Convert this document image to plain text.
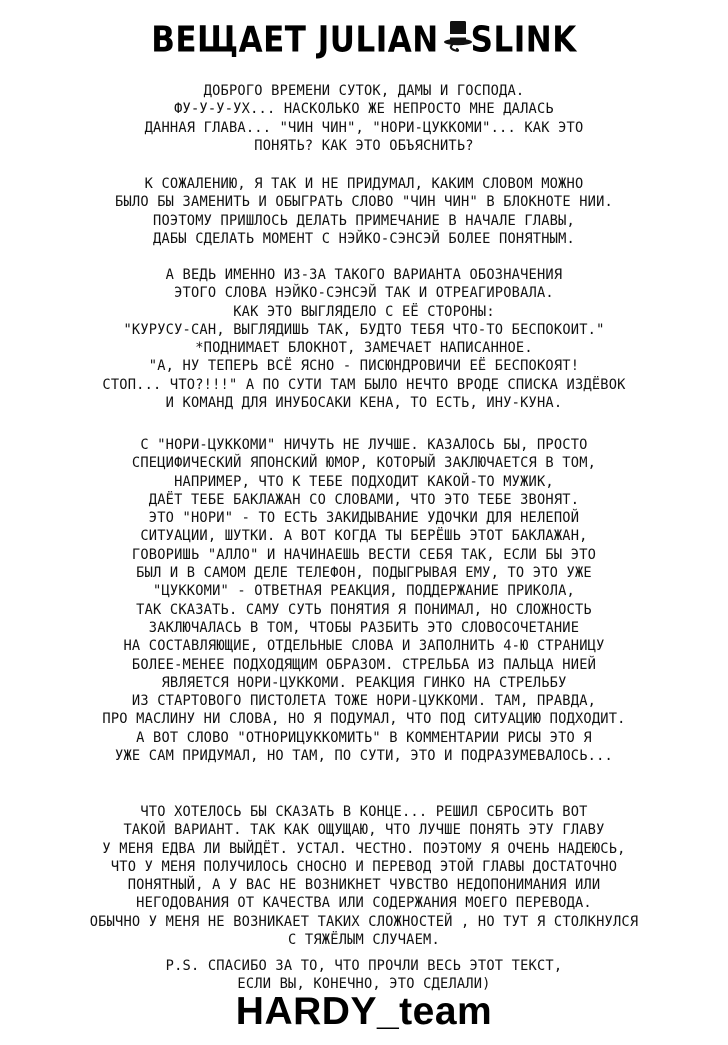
ВЕЩАЕТ JULIANSLINK
ДОБРОГО ВРЕМЕНИ СУТОК, ДАМЫ И ГОСПОДА.
ФУ-У-У-УХ... НАСКОЛЬКО ЖЕ НЕПРОСТО МНЕ ДАЛАСЬ
ДАННАЯ ГЛАВА... "ЧИН ЧИН", "НОРИ-ЦУККОМИ"... КАК ЭТО
ПОНЯТЬ? КАК ЭТО ОБЪЯСНИТЬ?
К СОЖАЛЕНИЮ, Я ТАК И НЕ ПРИДУМАЛ, КАКИМ СЛОВОМ МОЖНО
БЫЛО БЫ ЗАМЕНИТЬ И ОБЫГРАТЬ СЛОВО "ЧИН ЧИН" В БЛОКНОТЕ НИИ.
ПОЭТОМУ ПРИШЛОСЬ ДЕЛАТЬ ПРИМЕЧАНИЕ В НАЧАЛЕ ГЛАВЫ,
ДАБЫ СДЕЛАТЬ МОМЕНТ С НЭЙКО-СЭНСЭЙ БОЛЕЕ ПОНЯТНЫМ.
А ВЕДЬ ИМЕННО ИЗ-ЗА ТАКОГО ВАРИАНТА ОБОЗНАЧЕНИЯ
ЭТОГО СЛОВА НЭЙКО-СЭНСЭЙ ТАК И ОТРЕАГИРОВАЛА.
КАК ЭТО ВЫГЛЯДЕЛО С ЕЁ СТОРОНЫ:
"КУРУСУ-САН, ВЫГЛЯДИШЬ ТАК, БУДТО ТЕБЯ ЧТО-ТО БЕСПОКОИТ."
*ПОДНИМАЕТ БЛОКНОТ, ЗАМЕЧАЕТ НАПИСАННОЕ.
"А, НУ ТЕПЕРЬ ВСЁ ЯСНО - ПИСЮНДРОВИЧИ ЕЁ БЕСПОКОЯТ!
СТОП... ЧТО?!!!" А ПО СУТИ ТАМ БЫЛО НЕЧТО ВРОДЕ СПИСКА ИЗДЁВОК
И КОМАНД ДЛЯ ИНУБОСАКИ КЕНА, ТО ЕСТЬ, ИНУ-КУНА.
С "НОРИ-ЦУККОМИ" НИЧУТЬ НЕ ЛУЧШЕ. КАЗАЛОСЬ БЫ, ПРОСТО
СПЕЦИФИЧЕСКИЙ ЯПОНСКИЙ ЮМОР, КОТОРЫЙ ЗАКЛЮЧАЕТСЯ В ТОМ,
НАПРИМЕР, ЧТО К ТЕБЕ ПОДХОДИТ КАКОЙ-ТО МУЖИК,
ДАЁТ ТЕБЕ БАКЛАЖАН СО СЛОВАМИ, ЧТО ЭТО ТЕБЕ ЗВОНЯТ.
ЭТО "НОРИ" - ТО ЕСТЬ ЗАКИДЫВАНИЕ УДОЧКИ ДЛЯ НЕЛЕПОЙ
СИТУАЦИИ, ШУТКИ. А ВОТ КОГДА ТЫ БЕРЁШЬ ЭТОТ БАКЛАЖАН,
ГОВОРИШЬ "АЛЛО" И НАЧИНАЕШЬ ВЕСТИ СЕБЯ ТАК, ЕСЛИ БЫ ЭТО
БЫЛ И В САМОМ ДЕЛЕ ТЕЛЕФОН, ПОДЫГРЫВАЯ ЕМУ, ТО ЭТО УЖЕ
"ЦУККОМИ" - ОТВЕТНАЯ РЕАКЦИЯ, ПОДДЕРЖАНИЕ ПРИКОЛА,
ТАК СКАЗАТЬ. САМУ СУТЬ ПОНЯТИЯ Я ПОНИМАЛ, НО СЛОЖНОСТЬ
ЗАКЛЮЧАЛАСЬ В ТОМ, ЧТОБЫ РАЗБИТЬ ЭТО СЛОВОСОЧЕТАНИЕ
НА СОСТАВЛЯЮЩИЕ, ОТДЕЛЬНЫЕ СЛОВА И ЗАПОЛНИТЬ 4-Ю СТРАНИЦУ
БОЛЕЕ-МЕНЕЕ ПОДХОДЯЩИМ ОБРАЗОМ. СТРЕЛЬБА ИЗ ПАЛЬЦА НИЕЙ
ЯВЛЯЕТСЯ НОРИ-ЦУККОМИ. РЕАКЦИЯ ГИНКО НА СТРЕЛЬБУ
ИЗ СТАРТОВОГО ПИСТОЛЕТА ТОЖЕ НОРИ-ЦУККОМИ. ТАМ, ПРАВДА,
ПРО МАСЛИНУ НИ СЛОВА, НО Я ПОДУМАЛ, ЧТО ПОД СИТУАЦИЮ ПОДХОДИТ.
А ВОТ СЛОВО "ОТНОРИЦУККОМИТЬ" В КОММЕНТАРИИ РИСЫ ЭТО Я
УЖЕ САМ ПРИДУМАЛ, НО ТАМ, ПО СУТИ, ЭТО И ПОДРАЗУМЕВАЛОСЬ...
ЧТО ХОТЕЛОСЬ БЫ СКАЗАТЬ В КОНЦЕ... РЕШИЛ СБРОСИТЬ ВОТ
ТАКОЙ ВАРИАНТ. ТАК КАК ОЩУЩАЮ, ЧТО ЛУЧШЕ ПОНЯТЬ ЭТУ ГЛАВУ
У МЕНЯ ЕДВА ЛИ ВЫЙДЁТ. УСТАЛ. ЧЕСТНО. ПОЭТОМУ Я ОЧЕНЬ НАДЕЮСЬ,
ЧТО У МЕНЯ ПОЛУЧИЛОСЬ СНОСНО И ПЕРЕВОД ЭТОЙ ГЛАВЫ ДОСТАТОЧНО
ПОНЯТНЫЙ, А У ВАС НЕ ВОЗНИКНЕТ ЧУВСТВО НЕДОПОНИМАНИЯ ИЛИ
НЕГОДОВАНИЯ ОТ КАЧЕСТВА ИЛИ СОДЕРЖАНИЯ МОЕГО ПЕРЕВОДА.
ОБЫЧНО У МЕНЯ НЕ ВОЗНИКАЕТ ТАКИХ СЛОЖНОСТЕЙ , НО ТУТ Я СТОЛКНУЛСЯ
С ТЯЖЁЛЫМ СЛУЧАЕМ.
P.S. СПАСИБО ЗА ТО, ЧТО ПРОЧЛИ ВЕСЬ ЭТОТ ТЕКСТ,
ЕСЛИ ВЫ, КОНЕЧНО, ЭТО СДЕЛАЛИ)
HARDY_team
